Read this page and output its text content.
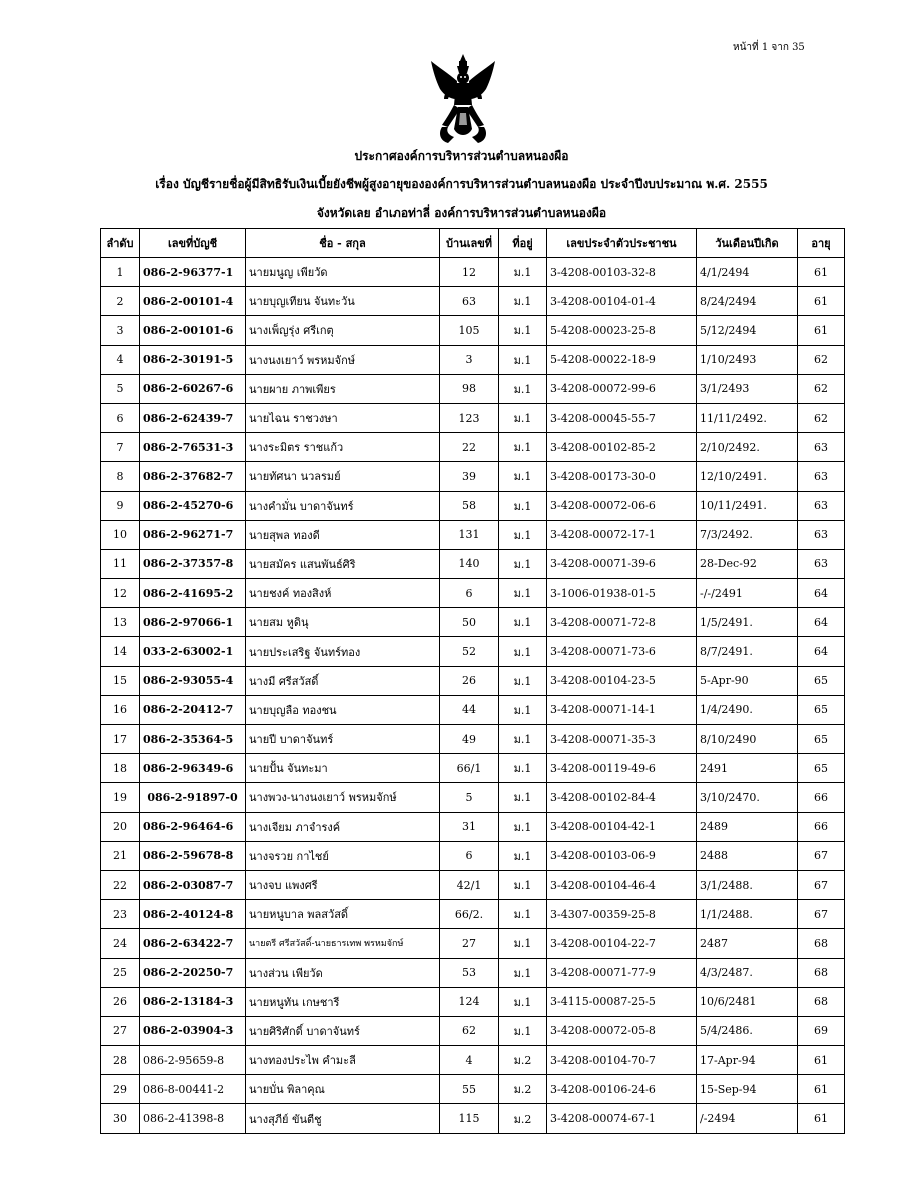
หน้าที่ 1 จาก 35
ประกาศองค์การบริหารส่วนตำบลหนองผือ
เรื่อง บัญชีรายชื่อผู้มีสิทธิรับเงินเบี้ยยังชีพผู้สูงอายุขององค์การบริหารส่วนตำบลหนองผือ ประจำปีงบประมาณ พ.ศ. 2555
จังหวัดเลย อำเภอท่าลี่ องค์การบริหารส่วนตำบลหนองผือ
ลำดับ	เลขที่บัญชี	ชื่อ - สกุล	บ้านเลขที่	ที่อยู่	เลขประจำตัวประชาชน	วันเดือนปีเกิด	อายุ
1	086-2-96377-1	นายมนูญ เพียวัด	12	ม.1	3-4208-00103-32-8	4/1/2494	61
2	086-2-00101-4	นายบุญเทียน จันทะวัน	63	ม.1	3-4208-00104-01-4	8/24/2494	61
3	086-2-00101-6	นางเพ็ญรุ่ง ศรีเกตุ	105	ม.1	5-4208-00023-25-8	5/12/2494	61
4	086-2-30191-5	นางนงเยาว์ พรหมจักษ์	3	ม.1	5-4208-00022-18-9	1/10/2493	62
5	086-2-60267-6	นายผาย ภาพเพียร	98	ม.1	3-4208-00072-99-6	3/1/2493	62
6	086-2-62439-7	นายไฉน ราชวงษา	123	ม.1	3-4208-00045-55-7	11/11/2492.	62
7	086-2-76531-3	นางระมิตร ราชแก้ว	22	ม.1	3-4208-00102-85-2	2/10/2492.	63
8	086-2-37682-7	นายทัศนา นวลรมย์	39	ม.1	3-4208-00173-30-0	12/10/2491.	63
9	086-2-45270-6	นางคำมั่น บาดาจันทร์	58	ม.1	3-4208-00072-06-6	10/11/2491.	63
10	086-2-96271-7	นายสุพล ทองดี	131	ม.1	3-4208-00072-17-1	7/3/2492.	63
11	086-2-37357-8	นายสมัคร แสนพันธ์ศิริ	140	ม.1	3-4208-00071-39-6	28-Dec-92	63
12	086-2-41695-2	นายชงค์ ทองสิงห์	6	ม.1	3-1006-01938-01-5	-/-/2491	64
13	086-2-97066-1	นายสม หูดินุ	50	ม.1	3-4208-00071-72-8	1/5/2491.	64
14	033-2-63002-1	นายประเสริฐ จันทร์ทอง	52	ม.1	3-4208-00071-73-6	8/7/2491.	64
15	086-2-93055-4	นางมี ศรีสวัสดิ์	26	ม.1	3-4208-00104-23-5	5-Apr-90	65
16	086-2-20412-7	นายบุญลือ ทองชน	44	ม.1	3-4208-00071-14-1	1/4/2490.	65
17	086-2-35364-5	นายปี บาดาจันทร์	49	ม.1	3-4208-00071-35-3	8/10/2490	65
18	086-2-96349-6	นายปั้น จันทะมา	66/1	ม.1	3-4208-00119-49-6	2491	65
19	086-2-91897-0	นางพวง-นางนงเยาว์ พรหมจักษ์	5	ม.1	3-4208-00102-84-4	3/10/2470.	66
20	086-2-96464-6	นางเจียม ภาจำรงค์	31	ม.1	3-4208-00104-42-1	2489	66
21	086-2-59678-8	นางจรวย กาไชย์	6	ม.1	3-4208-00103-06-9	2488	67
22	086-2-03087-7	นางจบ แพงศรี	42/1	ม.1	3-4208-00104-46-4	3/1/2488.	67
23	086-2-40124-8	นายหนูบาล พลสวัสดิ์	66/2.	ม.1	3-4307-00359-25-8	1/1/2488.	67
24	086-2-63422-7	นายตรี ศรีสวัสดิ์-นายธารเทพ พรหมจักษ์	27	ม.1	3-4208-00104-22-7	2487	68
25	086-2-20250-7	นางส่วน เพียวัด	53	ม.1	3-4208-00071-77-9	4/3/2487.	68
26	086-2-13184-3	นายหนูทัน เกษชารี	124	ม.1	3-4115-00087-25-5	10/6/2481	68
27	086-2-03904-3	นายศิริศักดิ์ บาดาจันทร์	62	ม.1	3-4208-00072-05-8	5/4/2486.	69
28	086-2-95659-8	นางทองประไพ คำมะลี	4	ม.2	3-4208-00104-70-7	17-Apr-94	61
29	086-8-00441-2	นายบั่น พิลาคุณ	55	ม.2	3-4208-00106-24-6	15-Sep-94	61
30	086-2-41398-8	นางสุภีย์ ขันตีชู	115	ม.2	3-4208-00074-67-1	/-2494	61
